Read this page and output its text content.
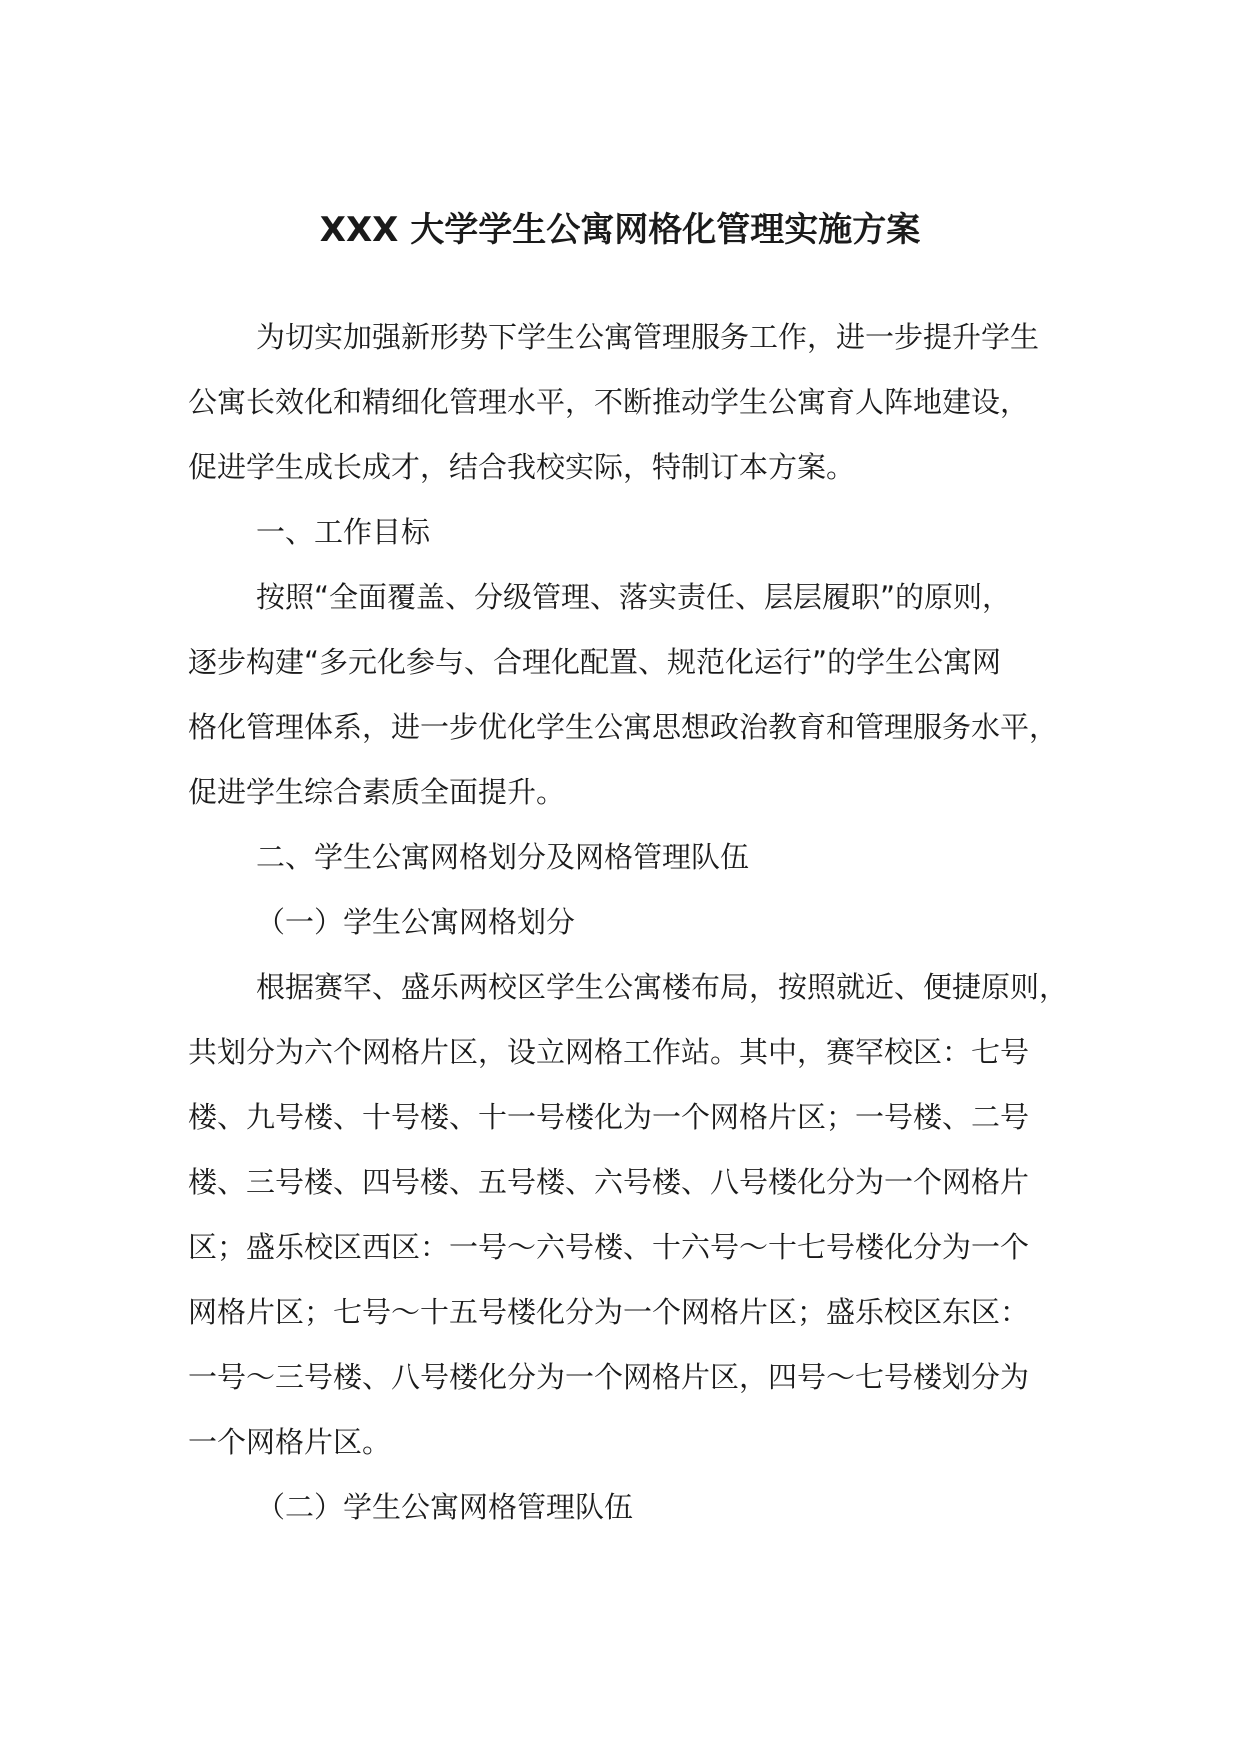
XXX 大学学生公寓网格化管理实施方案
为切实加强新形势下学生公寓管理服务工作，进一步提升学生
公寓长效化和精细化管理水平，不断推动学生公寓育人阵地建设，
促进学生成长成才，结合我校实际，特制订本方案。
一、工作目标
按照“全面覆盖、分级管理、落实责任、层层履职”的原则，
逐步构建“多元化参与、合理化配置、规范化运行”的学生公寓网
格化管理体系，进一步优化学生公寓思想政治教育和管理服务水平，
促进学生综合素质全面提升。
二、学生公寓网格划分及网格管理队伍
（一）学生公寓网格划分
根据赛罕、盛乐两校区学生公寓楼布局，按照就近、便捷原则，
共划分为六个网格片区，设立网格工作站。其中，赛罕校区：七号
楼、九号楼、十号楼、十一号楼化为一个网格片区；一号楼、二号
楼、三号楼、四号楼、五号楼、六号楼、八号楼化分为一个网格片
区；盛乐校区西区：一号～六号楼、十六号～十七号楼化分为一个
网格片区；七号～十五号楼化分为一个网格片区；盛乐校区东区：
一号～三号楼、八号楼化分为一个网格片区，四号～七号楼划分为
一个网格片区。
（二）学生公寓网格管理队伍
